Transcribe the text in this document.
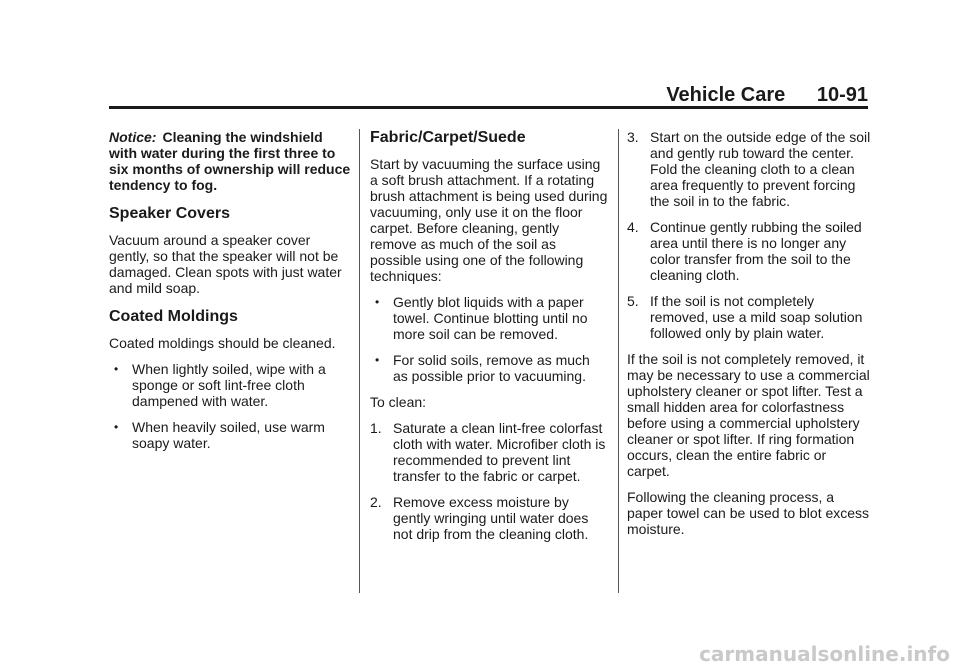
Vehicle Care 10-91

Notice: Cleaning the windshield with water during the first three to six months of ownership will reduce tendency to fog.

Speaker Covers

Vacuum around a speaker cover gently, so that the speaker will not be damaged. Clean spots with just water and mild soap.

Coated Moldings

Coated moldings should be cleaned.

• When lightly soiled, wipe with a sponge or soft lint-free cloth dampened with water.
• When heavily soiled, use warm soapy water.
Fabric/Carpet/Suede

Start by vacuuming the surface using a soft brush attachment. If a rotating brush attachment is being used during vacuuming, only use it on the floor carpet. Before cleaning, gently remove as much of the soil as possible using one of the following techniques:

• Gently blot liquids with a paper towel. Continue blotting until no more soil can be removed.
• For solid soils, remove as much as possible prior to vacuuming.

To clean:

1. Saturate a clean lint-free colorfast cloth with water. Microfiber cloth is recommended to prevent lint transfer to the fabric or carpet.
2. Remove excess moisture by gently wringing until water does not drip from the cleaning cloth.
3. Start on the outside edge of the soil and gently rub toward the center. Fold the cleaning cloth to a clean area frequently to prevent forcing the soil in to the fabric.
4. Continue gently rubbing the soiled area until there is no longer any color transfer from the soil to the cleaning cloth.
5. If the soil is not completely removed, use a mild soap solution followed only by plain water.

If the soil is not completely removed, it may be necessary to use a commercial upholstery cleaner or spot lifter. Test a small hidden area for colorfastness before using a commercial upholstery cleaner or spot lifter. If ring formation occurs, clean the entire fabric or carpet.

Following the cleaning process, a paper towel can be used to blot excess moisture.

carmanualsonline.info
